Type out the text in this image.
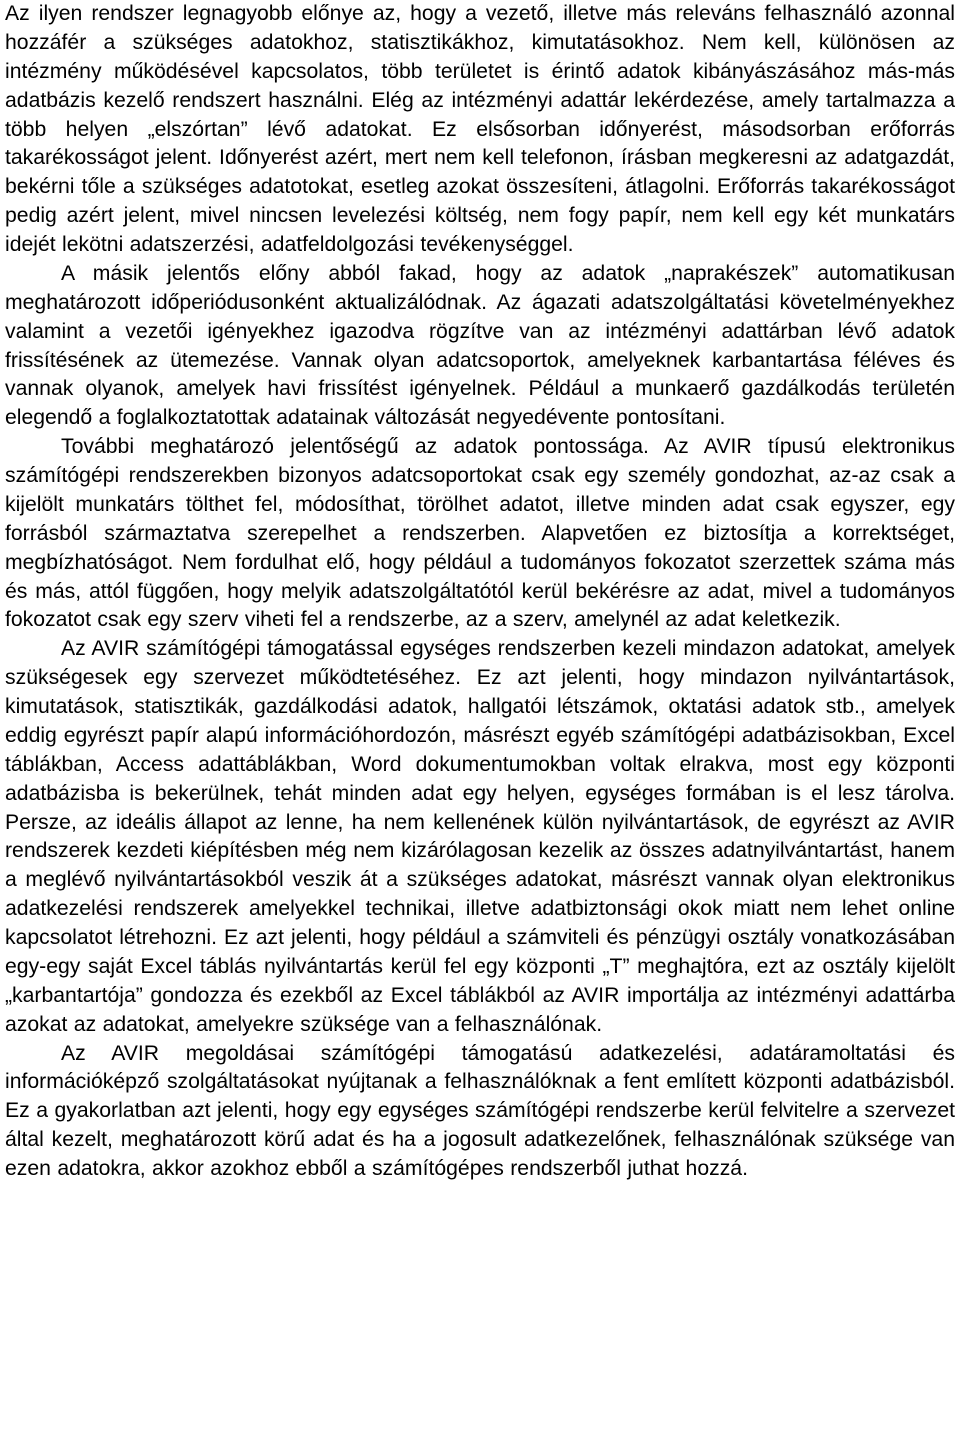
Az ilyen rendszer legnagyobb előnye az, hogy a vezető, illetve más releváns felhasználó azonnal hozzáfér a szükséges adatokhoz, statisztikákhoz, kimutatásokhoz. Nem kell, különösen az intézmény működésével kapcsolatos, több területet is érintő adatok kibányászásához más-más adatbázis kezelő rendszert használni. Elég az intézményi adattár lekérdezése, amely tartalmazza a több helyen „elszórtan” lévő adatokat. Ez elsősorban időnyerést, másodsorban erőforrás takarékosságot jelent. Időnyerést azért, mert nem kell telefonon, írásban megkeresni az adatgazdát, bekérni tőle a szükséges adatotokat, esetleg azokat összesíteni, átlagolni. Erőforrás takarékosságot pedig azért jelent, mivel nincsen levelezési költség, nem fogy papír, nem kell egy két munkatárs idejét lekötni adatszerzési, adatfeldolgozási tevékenységgel.

A másik jelentős előny abból fakad, hogy az adatok „naprakészek” automatikusan meghatározott időperiódusonként aktualizálódnak. Az ágazati adatszolgáltatási követelményekhez valamint a vezetői igényekhez igazodva rögzítve van az intézményi adattárban lévő adatok frissítésének az ütemezése. Vannak olyan adatcsoportok, amelyeknek karbantartása féléves és vannak olyanok, amelyek havi frissítést igényelnek. Például a munkaerő gazdálkodás területén elegendő a foglalkoztatottak adatainak változását negyedévente pontosítani.

További meghatározó jelentőségű az adatok pontossága. Az AVIR típusú elektronikus számítógépi rendszerekben bizonyos adatcsoportokat csak egy személy gondozhat, az-az csak a kijelölt munkatárs tölthet fel, módosíthat, törölhet adatot, illetve minden adat csak egyszer, egy forrásból származtatva szerepelhet a rendszerben. Alapvetően ez biztosítja a korrektséget, megbízhatóságot. Nem fordulhat elő, hogy például a tudományos fokozatot szerzettek száma más és más, attól függően, hogy melyik adatszolgáltatótól kerül bekérésre az adat, mivel a tudományos fokozatot csak egy szerv viheti fel a rendszerbe, az a szerv, amelynél az adat keletkezik.

Az AVIR számítógépi támogatással egységes rendszerben kezeli mindazon adatokat, amelyek szükségesek egy szervezet működtetéséhez. Ez azt jelenti, hogy mindazon nyilvántartások, kimutatások, statisztikák, gazdálkodási adatok, hallgatói létszámok, oktatási adatok stb., amelyek eddig egyrészt papír alapú információhordozón, másrészt egyéb számítógépi adatbázisokban, Excel táblákban, Access adattáblákban, Word dokumentumokban voltak elrakva, most egy központi adatbázisba is bekerülnek, tehát minden adat egy helyen, egységes formában is el lesz tárolva. Persze, az ideális állapot az lenne, ha nem kellenének külön nyilvántartások, de egyrészt az AVIR rendszerek kezdeti kiépítésben még nem kizárólagosan kezelik az összes adatnyilvántartást, hanem a meglévő nyilvántartásokból veszik át a szükséges adatokat, másrészt vannak olyan elektronikus adatkezelési rendszerek amelyekkel technikai, illetve adatbiztonsági okok miatt nem lehet online kapcsolatot létrehozni. Ez azt jelenti, hogy például a számviteli és pénzügyi osztály vonatkozásában egy-egy saját Excel táblás nyilvántartás kerül fel egy központi „T” meghajtóra, ezt az osztály kijelölt „karbantartója” gondozza és ezekből az Excel táblákból az AVIR importálja az intézményi adattárba azokat az adatokat, amelyekre szüksége van a felhasználónak.

Az AVIR megoldásai számítógépi támogatású adatkezelési, adatáramoltatási és információképző szolgáltatásokat nyújtanak a felhasználóknak a fent említett központi adatbázisból. Ez a gyakorlatban azt jelenti, hogy egy egységes számítógépi rendszerbe kerül felvitelre a szervezet által kezelt, meghatározott körű adat és ha a jogosult adatkezelőnek, felhasználónak szüksége van ezen adatokra, akkor azokhoz ebből a számítógépes rendszerből juthat hozzá.
